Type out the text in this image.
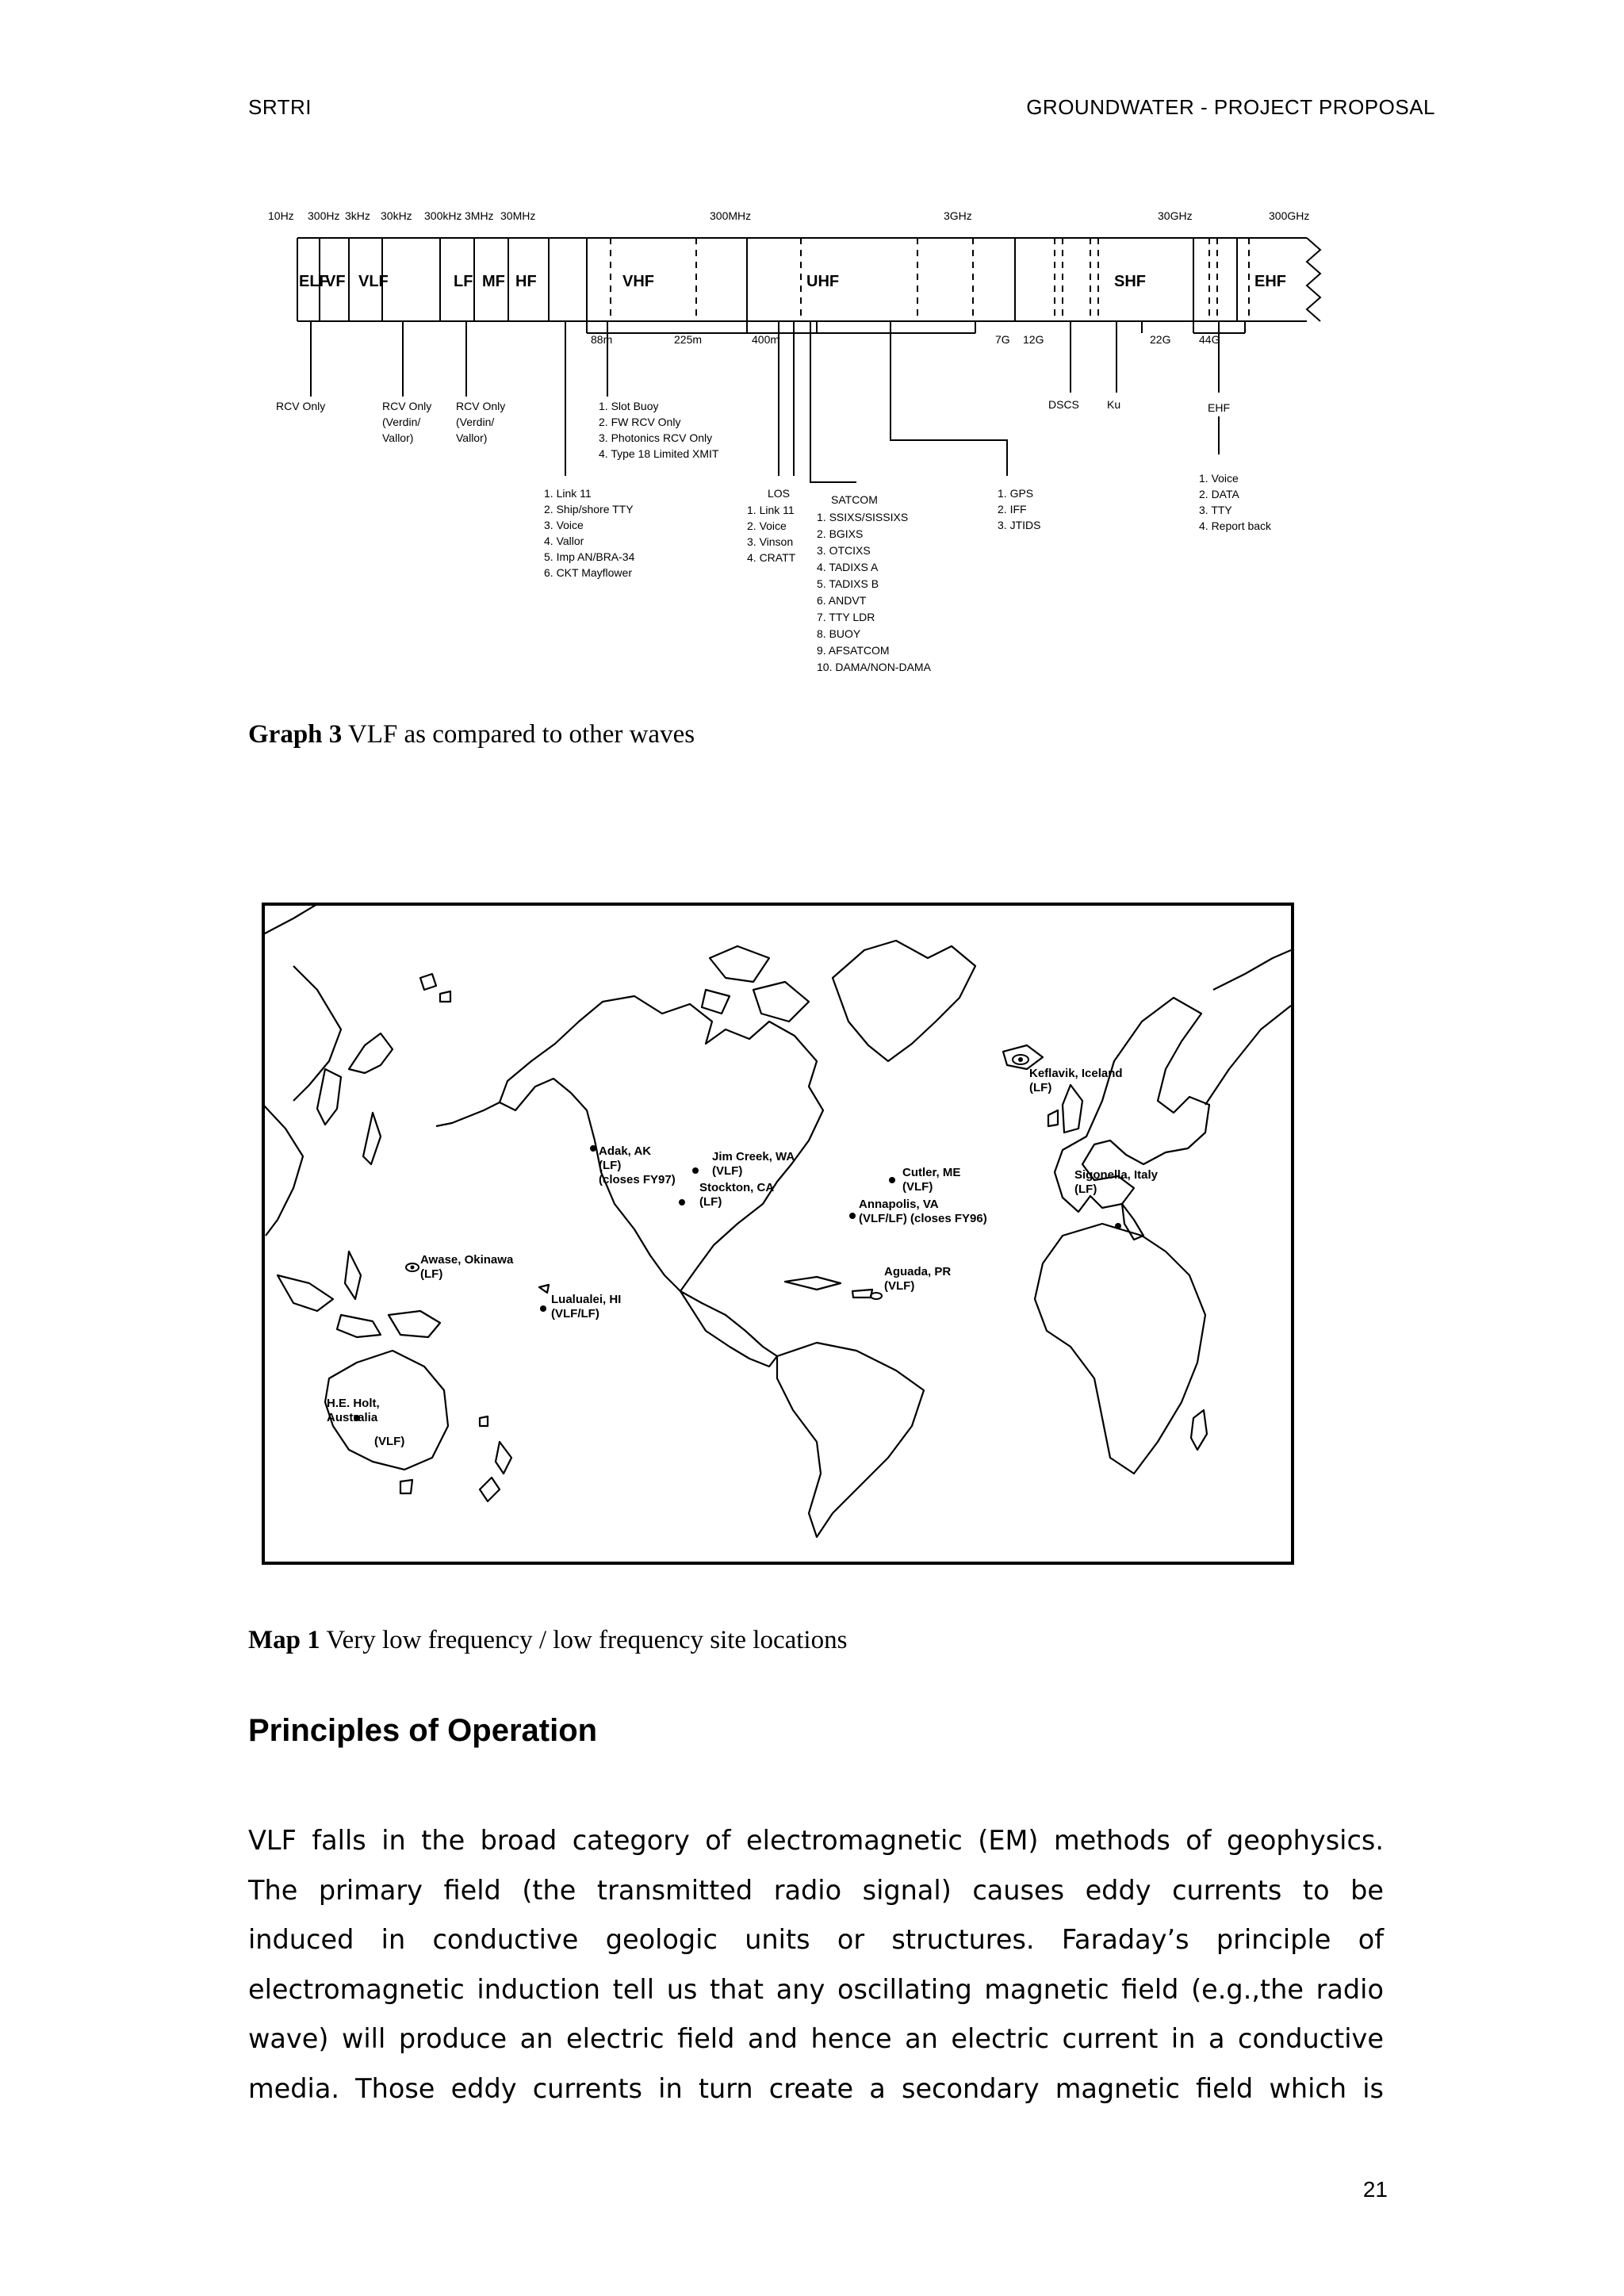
SRTRI	GROUNDWATER - PROJECT PROPOSAL
10Hz 300Hz 3kHz 30kHz 300kHz 3MHz 30MHz	300MHz	3GHz	30GHz	300GHz
ELF
VF VLF	LF MF HF	VHF	UHF	SHF	EHF
88m	225m	400m	7G 12G	22G	44G
RCV Only	RCV Only
(Verdin/
Vallor)
RCV Only
(Verdin/
Vallor)
1. Slot Buoy
2. FW RCV Only
3. Photonics RCV Only
4. Type 18 Limited XMIT
1. Link 11
2. Ship/shore TTY
3. Voice
4. Vallor
5. Imp AN/BRA-34
6. CKT Mayflower
LOS
1. Link 11
2. Voice
3. Vinson
4. CRATT
SATCOM
1. SSIXS/SISSIXS
2. BGIXS
3. OTCIXS
4. TADIXS A
5. TADIXS B
6. ANDVT
7. TTY LDR
8. BUOY
9. AFSATCOM
10. DAMA/NON-DAMA
DSCS	Ku
1. GPS
2. IFF
3. JTIDS
EHF
1. Voice
2. DATA
3. TTY
4. Report back
Graph 3 VLF as compared to other waves
Keflavik, Iceland
(LF)
Adak, AK
(LF)
(closes FY97)
Jim Creek, WA
(VLF)
Stockton, CA
(LF)
Cutler, ME
(VLF)
Annapolis, VA
(VLF/LF) (closes FY96)
Sigonella, Italy
(LF)
Awase, Okinawa
(LF)
Lualualei, HI
(VLF/LF)
Aguada, PR
(VLF)
H.E. Holt,
Australia
(VLF)
Map 1 Very low frequency / low frequency site locations
Principles of Operation
VLF falls in the broad category of electromagnetic (EM) methods of geophysics.
The primary field (the transmitted radio signal) causes eddy currents to be
induced in conductive geologic units or structures. Faraday’s principle of
electromagnetic induction tell us that any oscillating magnetic field (e.g.,the radio
wave) will produce an electric field and hence an electric current in a conductive
media. Those eddy currents in turn create a secondary magnetic field which is
21
